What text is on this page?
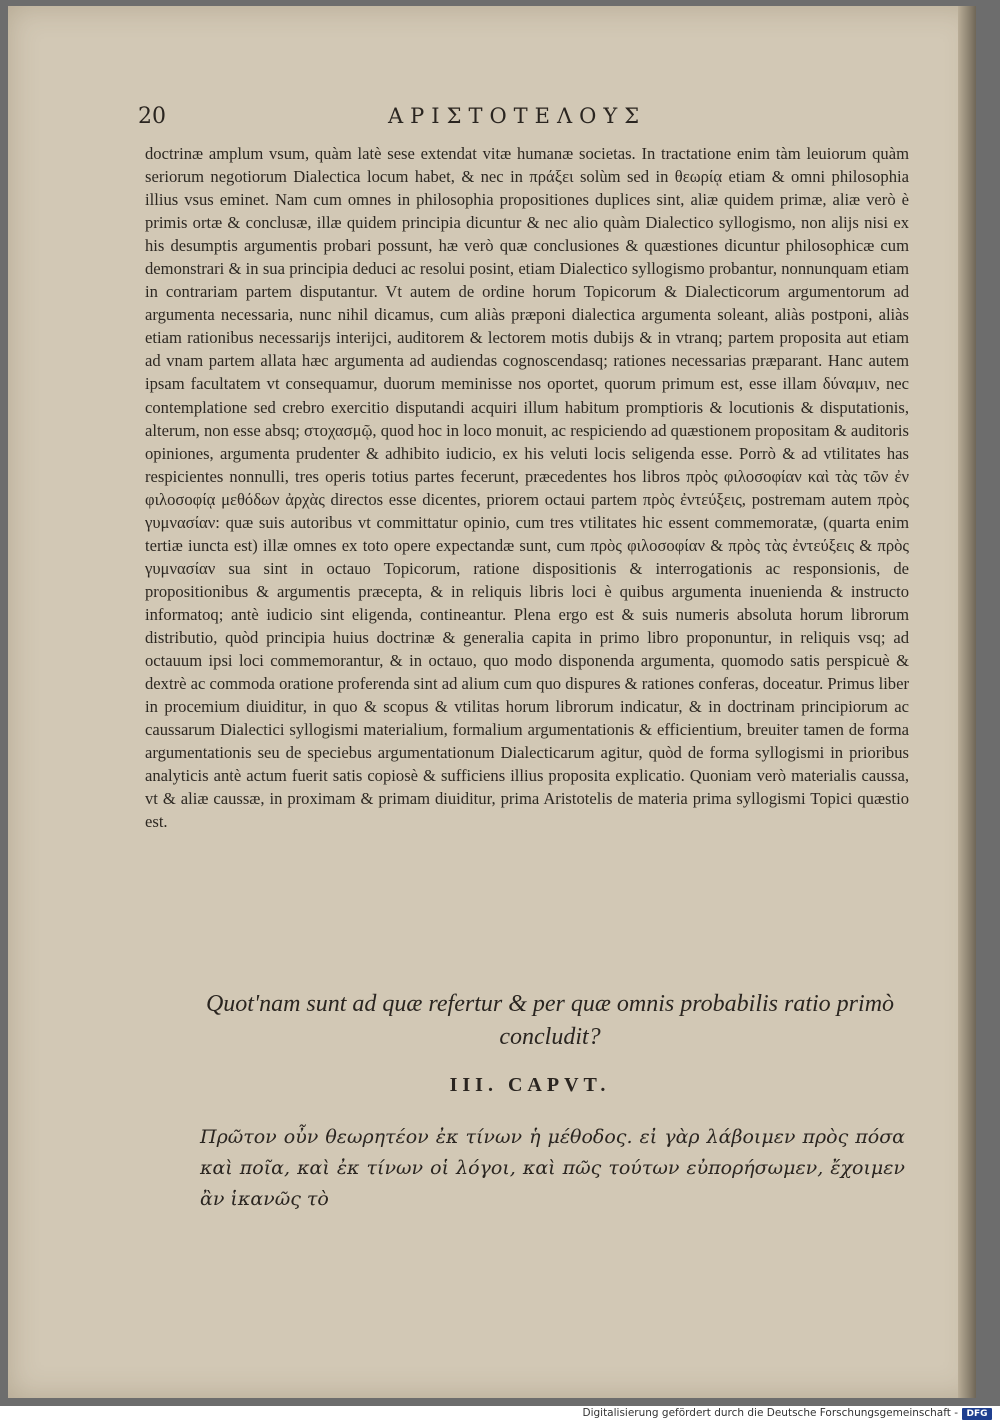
20	ΑΡΙΣΤΟΤΕΛΟΥΣ

doctrinæ amplum vsum, quàm latè sese extendat vitæ humanæ societas. In tractatione enim tàm leuiorum quàm seriorum negotiorum Dialectica locum habet, & nec in πράξει solùm sed in θεωρίᾳ etiam & omni philosophia illius vsus eminet. Nam cum omnes in philosophia propositiones duplices sint, aliæ quidem primæ, aliæ verò è primis ortæ & conclusæ, illæ quidem principia dicuntur & nec alio quàm Dialectico syllogismo, non alijs nisi ex his desumptis argumentis probari possunt, hæ verò quæ conclusiones & quæstiones dicuntur philosophicæ cum demonstrari & in sua principia deduci ac resolui posint, etiam Dialectico syllogismo probantur, nonnunquam etiam in contrariam partem disputantur. Vt autem de ordine horum Topicorum & Dialecticorum argumentorum ad argumenta necessaria, nunc nihil dicamus, cum aliàs præponi dialectica argumenta soleant, aliàs postponi, aliàs etiam rationibus necessarijs interijci, auditorem & lectorem motis dubijs & in vtranq; partem proposita aut etiam ad vnam partem allata hæc argumenta ad audiendas cognoscendasq; rationes necessarias præparant. Hanc autem ipsam facultatem vt consequamur, duorum meminisse nos oportet, quorum primum est, esse illam δύναμιν, nec contemplatione sed crebro exercitio disputandi acquiri illum habitum promptioris & locutionis & disputationis, alterum, non esse absq; στοχασμῷ, quod hoc in loco monuit, ac respiciendo ad quæstionem propositam & auditoris opiniones, argumenta prudenter & adhibito iudicio, ex his veluti locis seligenda esse. Porrò & ad vtilitates has respicientes nonnulli, tres operis totius partes fecerunt, præcedentes hos libros πρὸς φιλοσοφίαν καὶ τὰς τῶν ἐν φιλοσοφίᾳ μεθόδων ἀρχὰς directos esse dicentes, priorem octaui partem πρὸς ἐντεύξεις, postremam autem πρὸς γυμνασίαν: quæ suis autoribus vt committatur opinio, cum tres vtilitates hic essent commemoratæ, (quarta enim tertiæ iuncta est) illæ omnes ex toto opere expectandæ sunt, cum πρὸς φιλοσοφίαν & πρὸς τὰς ἐντεύξεις & πρὸς γυμνασίαν sua sint in octauo Topicorum, ratione dispositionis & interrogationis ac responsionis, de propositionibus & argumentis præcepta, & in reliquis libris loci è quibus argumenta inuenienda & instructo informatoq; antè iudicio sint eligenda, contineantur. Plena ergo est & suis numeris absoluta horum librorum distributio, quòd principia huius doctrinæ & generalia capita in primo libro proponuntur, in reliquis vsq; ad octauum ipsi loci commemorantur, & in octauo, quo modo disponenda argumenta, quomodo satis perspicuè & dextrè ac commoda oratione proferenda sint ad alium cum quo dispures & rationes conferas, doceatur. Primus liber in procemium diuiditur, in quo & scopus & vtilitas horum librorum indicatur, & in doctrinam principiorum ac caussarum Dialectici syllogismi materialium, formalium argumentationis & efficientium, breuiter tamen de forma argumentationis seu de speciebus argumentationum Dialecticarum agitur, quòd de forma syllogismi in prioribus analyticis antè actum fuerit satis copiosè & sufficiens illius proposita explicatio. Quoniam verò materialis caussa, vt & aliæ caussæ, in proximam & primam diuiditur, prima Aristotelis de materia prima syllogismi Topici quæstio est.

Quot'nam sunt ad quæ refertur & per quæ omnis probabilis ratio primò concludit?

III. CAPVT.

Πρῶτον οὖν θεωρητέον ἐκ τίνων ἡ μέθοδος. εἰ γὰρ λάβοιμεν πρὸς πόσα καὶ ποῖα, καὶ ἐκ τίνων οἱ λόγοι, καὶ πῶς τούτων εὐπορήσωμεν, ἔχοιμεν ἂν ἱκανῶς τὸ

Digitalisierung gefördert durch die Deutsche Forschungsgemeinschaft - DFG
